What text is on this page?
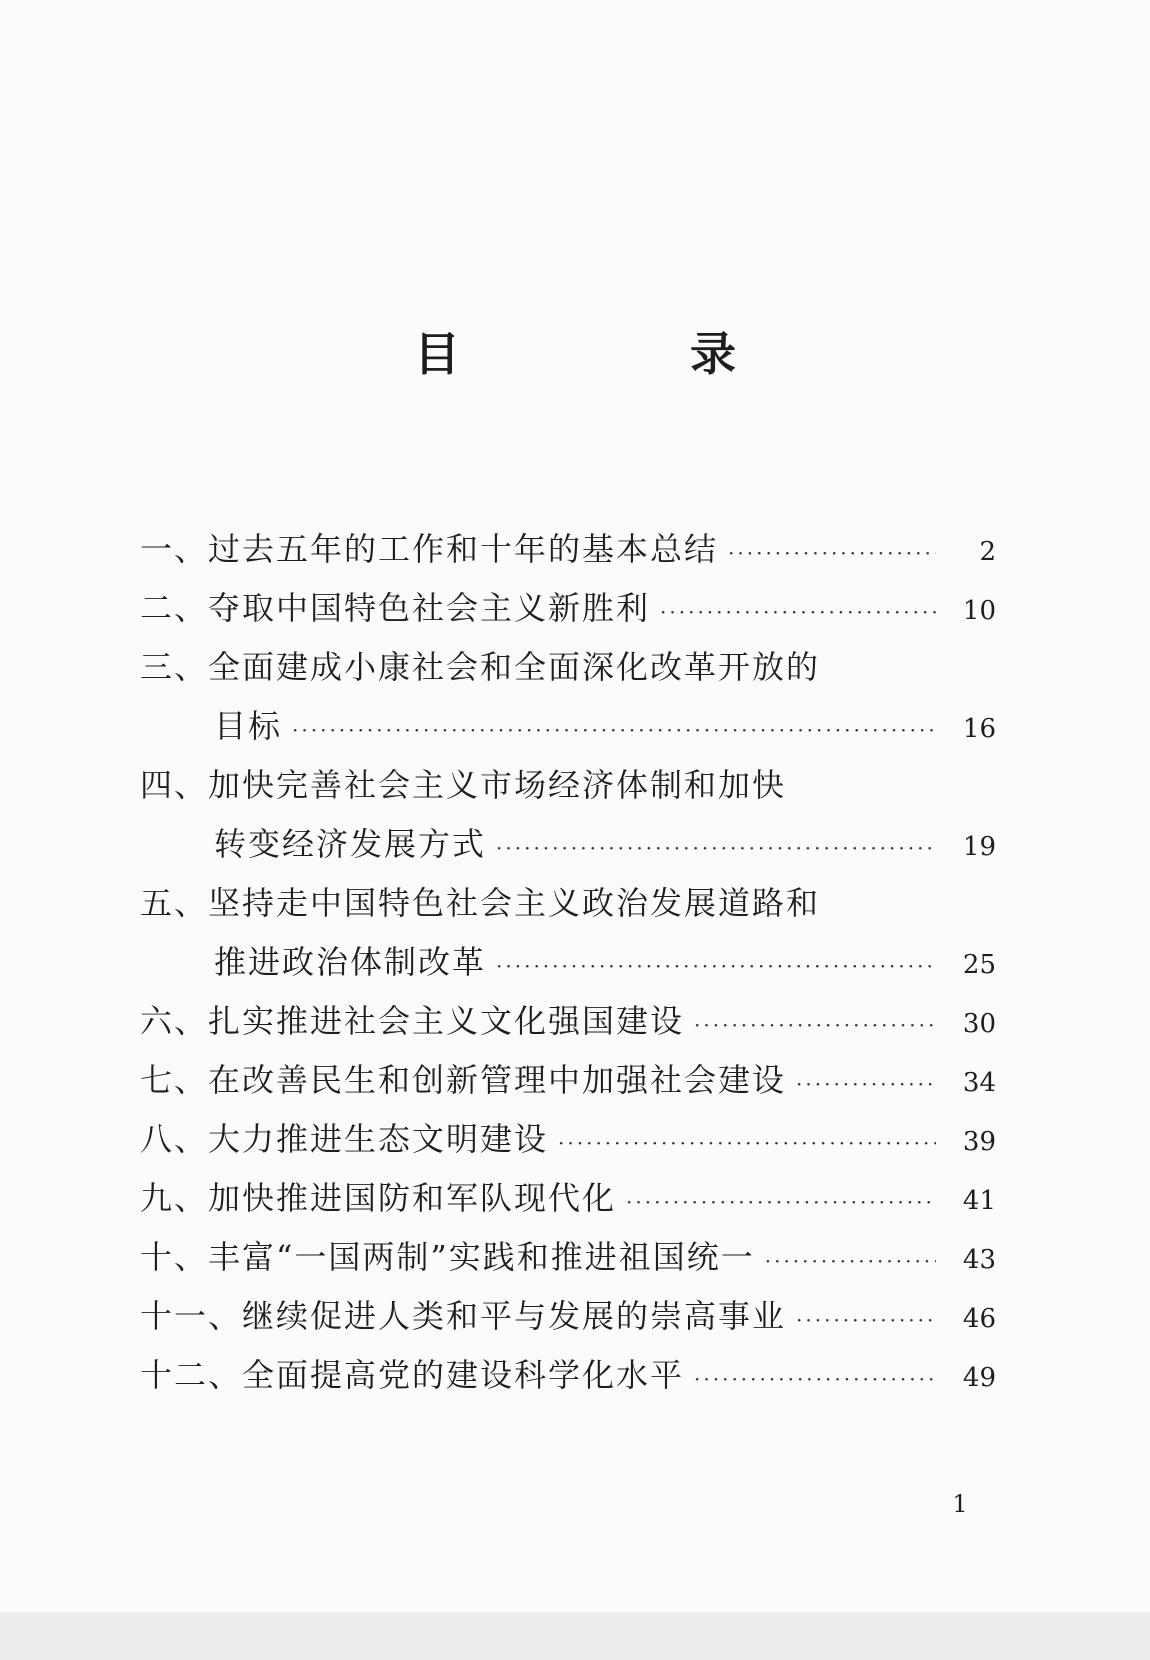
目　录
一、过去五年的工作和十年的基本总结 ·····	2
二、夺取中国特色社会主义新胜利 ·····	10
三、全面建成小康社会和全面深化改革开放的
目标 ·····	16
四、加快完善社会主义市场经济体制和加快
转变经济发展方式 ·····	19
五、坚持走中国特色社会主义政治发展道路和
推进政治体制改革 ·····	25
六、扎实推进社会主义文化强国建设 ·····	30
七、在改善民生和创新管理中加强社会建设 ·····	34
八、大力推进生态文明建设 ·····	39
九、加快推进国防和军队现代化 ·····	41
十、丰富“一国两制”实践和推进祖国统一 ·····	43
十一、继续促进人类和平与发展的崇高事业 ·····	46
十二、全面提高党的建设科学化水平 ·····	49
1
